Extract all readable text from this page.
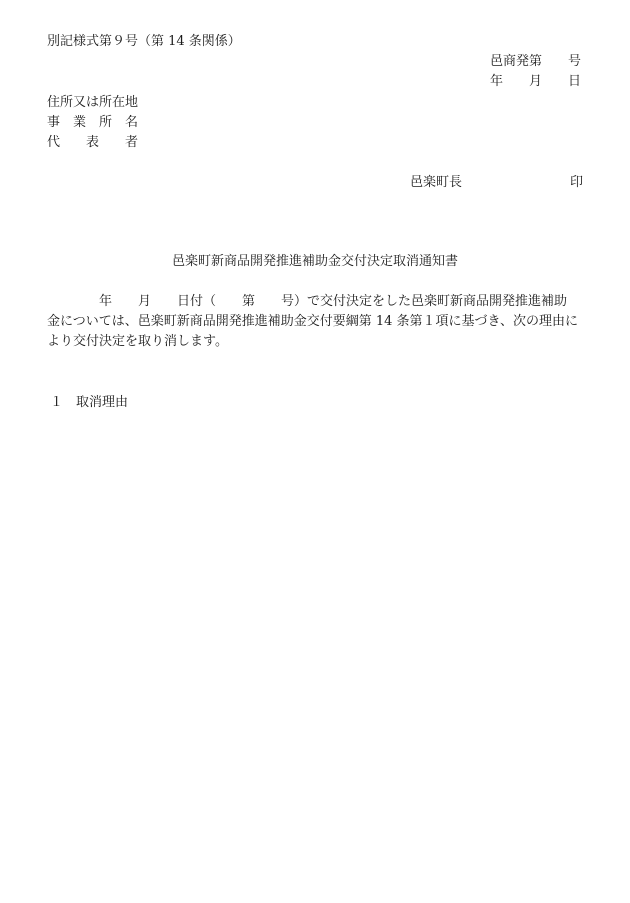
別記様式第９号（第 14 条関係）
邑商発第　　号
年　　月　　日
住所又は所在地
事　業　所　名
代　　表　　者
邑楽町長	印
邑楽町新商品開発推進補助金交付決定取消通知書
　　　　年　　月　　日付（　　第　　号）で交付決定をした邑楽町新商品開発推進補助
金については、邑楽町新商品開発推進補助金交付要綱第 14 条第１項に基づき、次の理由に
より交付決定を取り消します。
１　取消理由
